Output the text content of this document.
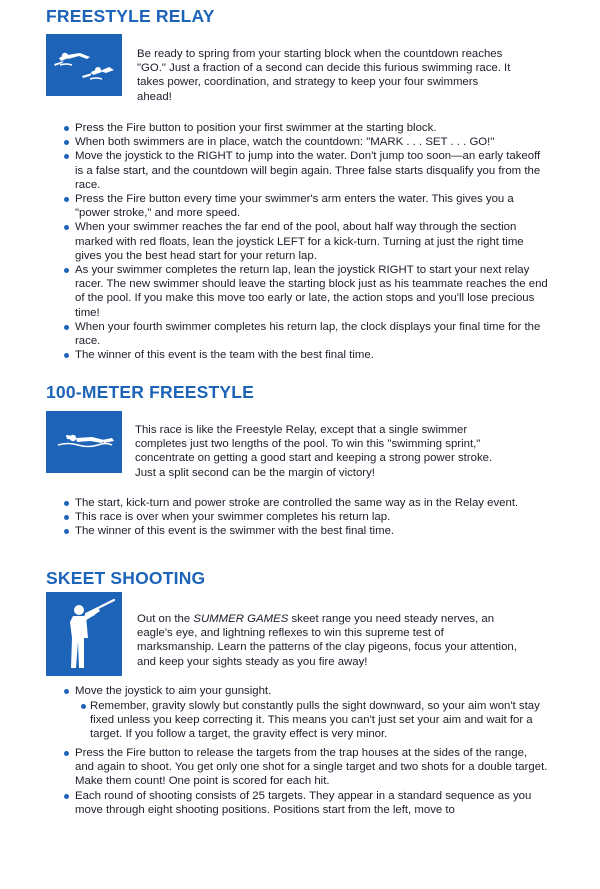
FREESTYLE RELAY

Be ready to spring from your starting block when the countdown reaches "GO." Just a fraction of a second can decide this furious swimming race. It takes power, coordination, and strategy to keep your four swimmers ahead!

Press the Fire button to position your first swimmer at the starting block.
When both swimmers are in place, watch the countdown: "MARK . . . SET . . . GO!"
Move the joystick to the RIGHT to jump into the water. Don't jump too soon—an early takeoff is a false start, and the countdown will begin again. Three false starts disqualify you from the race.
Press the Fire button every time your swimmer's arm enters the water. This gives you a "power stroke," and more speed.
When your swimmer reaches the far end of the pool, about half way through the section marked with red floats, lean the joystick LEFT for a kick-turn. Turning at just the right time gives you the best head start for your return lap.
As your swimmer completes the return lap, lean the joystick RIGHT to start your next relay racer. The new swimmer should leave the starting block just as his teammate reaches the end of the pool. If you make this move too early or late, the action stops and you'll lose precious time!
When your fourth swimmer completes his return lap, the clock displays your final time for the race.
The winner of this event is the team with the best final time.
100-METER FREESTYLE

This race is like the Freestyle Relay, except that a single swimmer completes just two lengths of the pool. To win this "swimming sprint," concentrate on getting a good start and keeping a strong power stroke. Just a split second can be the margin of victory!

The start, kick-turn and power stroke are controlled the same way as in the Relay event.
This race is over when your swimmer completes his return lap.
The winner of this event is the swimmer with the best final time.
SKEET SHOOTING

Out on the SUMMER GAMES skeet range you need steady nerves, an eagle's eye, and lightning reflexes to win this supreme test of marksmanship. Learn the patterns of the clay pigeons, focus your attention, and keep your sights steady as you fire away!

Move the joystick to aim your gunsight.
Remember, gravity slowly but constantly pulls the sight downward, so your aim won't stay fixed unless you keep correcting it. This means you can't just set your aim and wait for a target. If you follow a target, the gravity effect is very minor.
Press the Fire button to release the targets from the trap houses at the sides of the range, and again to shoot. You get only one shot for a single target and two shots for a double target. Make them count! One point is scored for each hit.
Each round of shooting consists of 25 targets. They appear in a standard sequence as you move through eight shooting positions. Positions start from the left, move to
